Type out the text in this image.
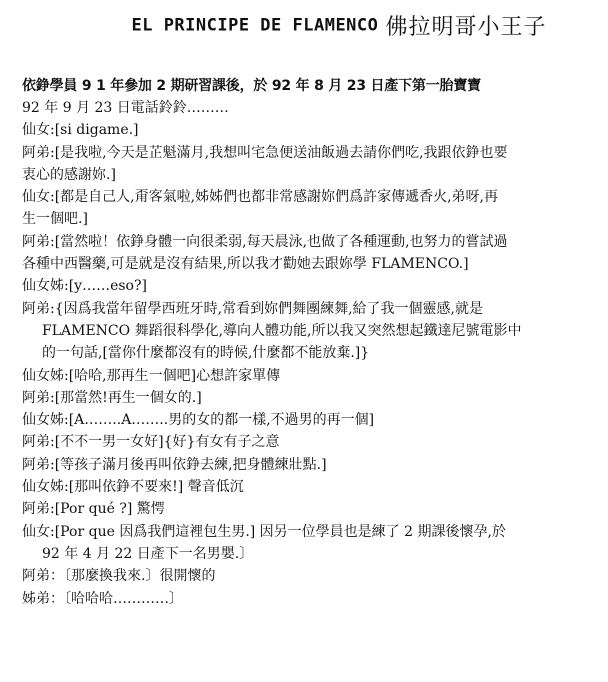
EL PRINCIPE DE FLAMENCO 佛拉明哥小王子
依錚學員 9 1 年參加 2 期研習課後，於 92 年 8 月 23 日產下第一胎寶寶
92 年 9 月 23 日電話鈴鈴………
仙女:[si digame.]
阿弟:[是我啦,今天是芷魁滿月,我想叫宅急便送油飯過去請你們吃,我跟依錚也要
衷心的感謝妳.]
仙女:[都是自己人,甭客氣啦,姊姊們也都非常感謝妳們爲許家傳遞香火,弟呀,再
生一個吧.]
阿弟:[當然啦！依錚身體一向很柔弱,每天晨泳,也做了各種運動,也努力的嘗試過
各種中西醫藥,可是就是沒有結果,所以我才勸她去跟妳學 FLAMENCO.]
仙女姊:[y……eso?]
阿弟:{因爲我當年留學西班牙時,常看到妳們舞團練舞,給了我一個靈感,就是
FLAMENCO 舞蹈很科學化,導向人體功能,所以我又突然想起鐵達尼號電影中
的一句話,[當你什麼都沒有的時候,什麼都不能放棄.]}
仙女姊:[哈哈,那再生一個吧]心想許家單傳
阿弟:[那當然!再生一個女的.]
仙女姊:[A……..A……..男的女的都一樣,不過男的再一個]
阿弟:[不不一男一女好]{好}有女有子之意
阿弟:[等孩子滿月後再叫依錚去練,把身體練壯點.]
仙女姊:[那叫依錚不要來!] 聲音低沉
阿弟:[Por qué ?] 驚愕
仙女:[Por que 因爲我們這裡包生男.] 因另一位學員也是練了 2 期課後懷孕,於
92 年 4 月 22 日產下一名男嬰.〕
阿弟：〔那麼換我來.〕很開懷的
姊弟：〔哈哈哈…………〕
